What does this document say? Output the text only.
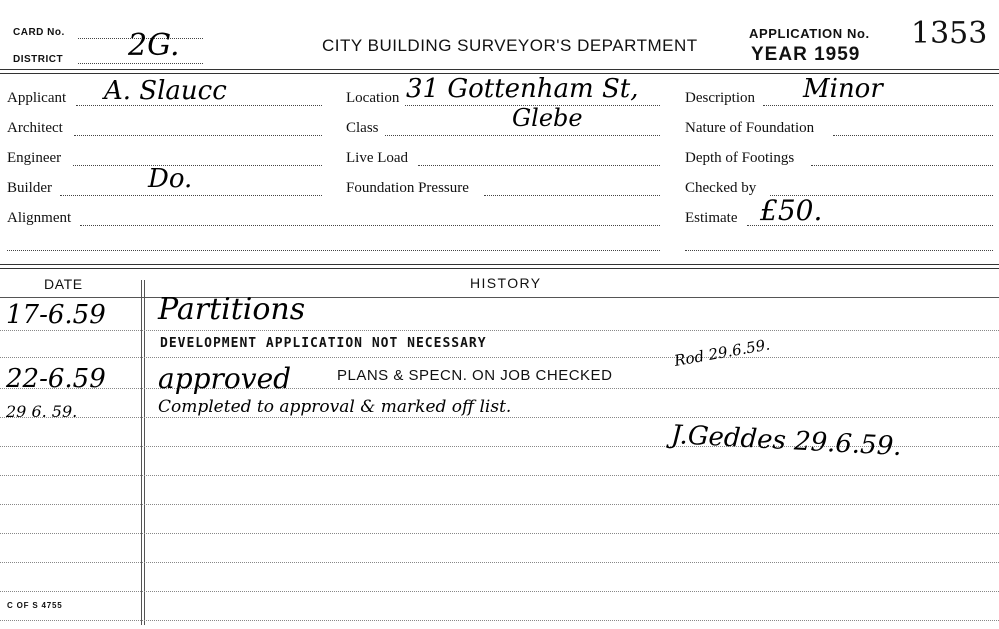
CARD No.
DISTRICT 2G.	CITY BUILDING SURVEYOR'S DEPARTMENT
APPLICATION No. 1353
YEAR 1959
Applicant A. Slaucc
Architect
Engineer
Builder	Do.
Alignment
Location 31 Gottenham St,
Class	Glebe
Live Load
Foundation Pressure
Description Minor
Nature of Foundation
Depth of Footings
Checked by
Estimate £50.
DATE	HISTORY
17-6.59 Partitions
DEVELOPMENT APPLICATION NOT NECESSARY
22-6.59 approved	PLANS & SPECN. ON JOB CHECKED
Rod 29.6.59.
29 6. 59.	Completed to approval & marked off list.
J.Geddes 29.6.59.
C OF S 4755
